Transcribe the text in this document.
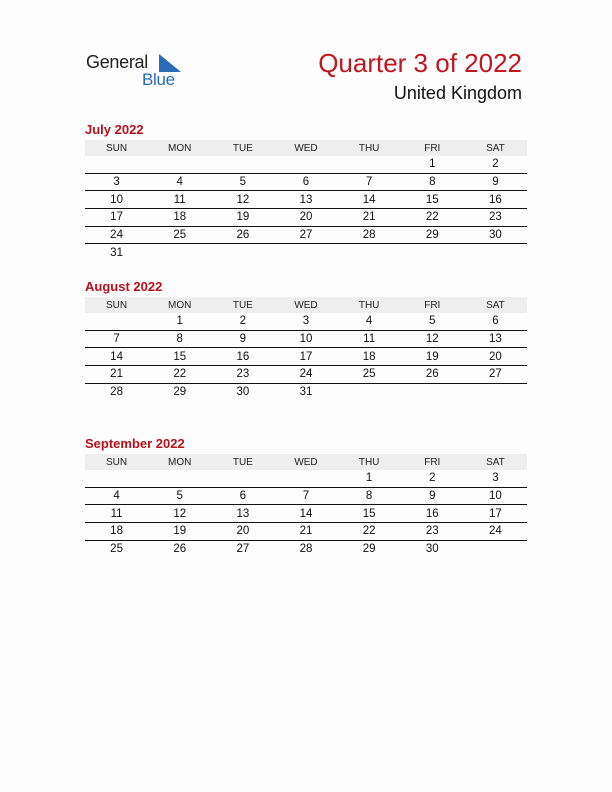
General
Blue
Quarter 3 of 2022
United Kingdom
July 2022
SUN	MON	TUE	WED	THU	FRI	SAT
					1	2
3	4	5	6	7	8	9
10	11	12	13	14	15	16
17	18	19	20	21	22	23
24	25	26	27	28	29	30
31						
August 2022
SUN	MON	TUE	WED	THU	FRI	SAT
	1	2	3	4	5	6
7	8	9	10	11	12	13
14	15	16	17	18	19	20
21	22	23	24	25	26	27
28	29	30	31			
September 2022
SUN	MON	TUE	WED	THU	FRI	SAT
				1	2	3
4	5	6	7	8	9	10
11	12	13	14	15	16	17
18	19	20	21	22	23	24
25	26	27	28	29	30	
